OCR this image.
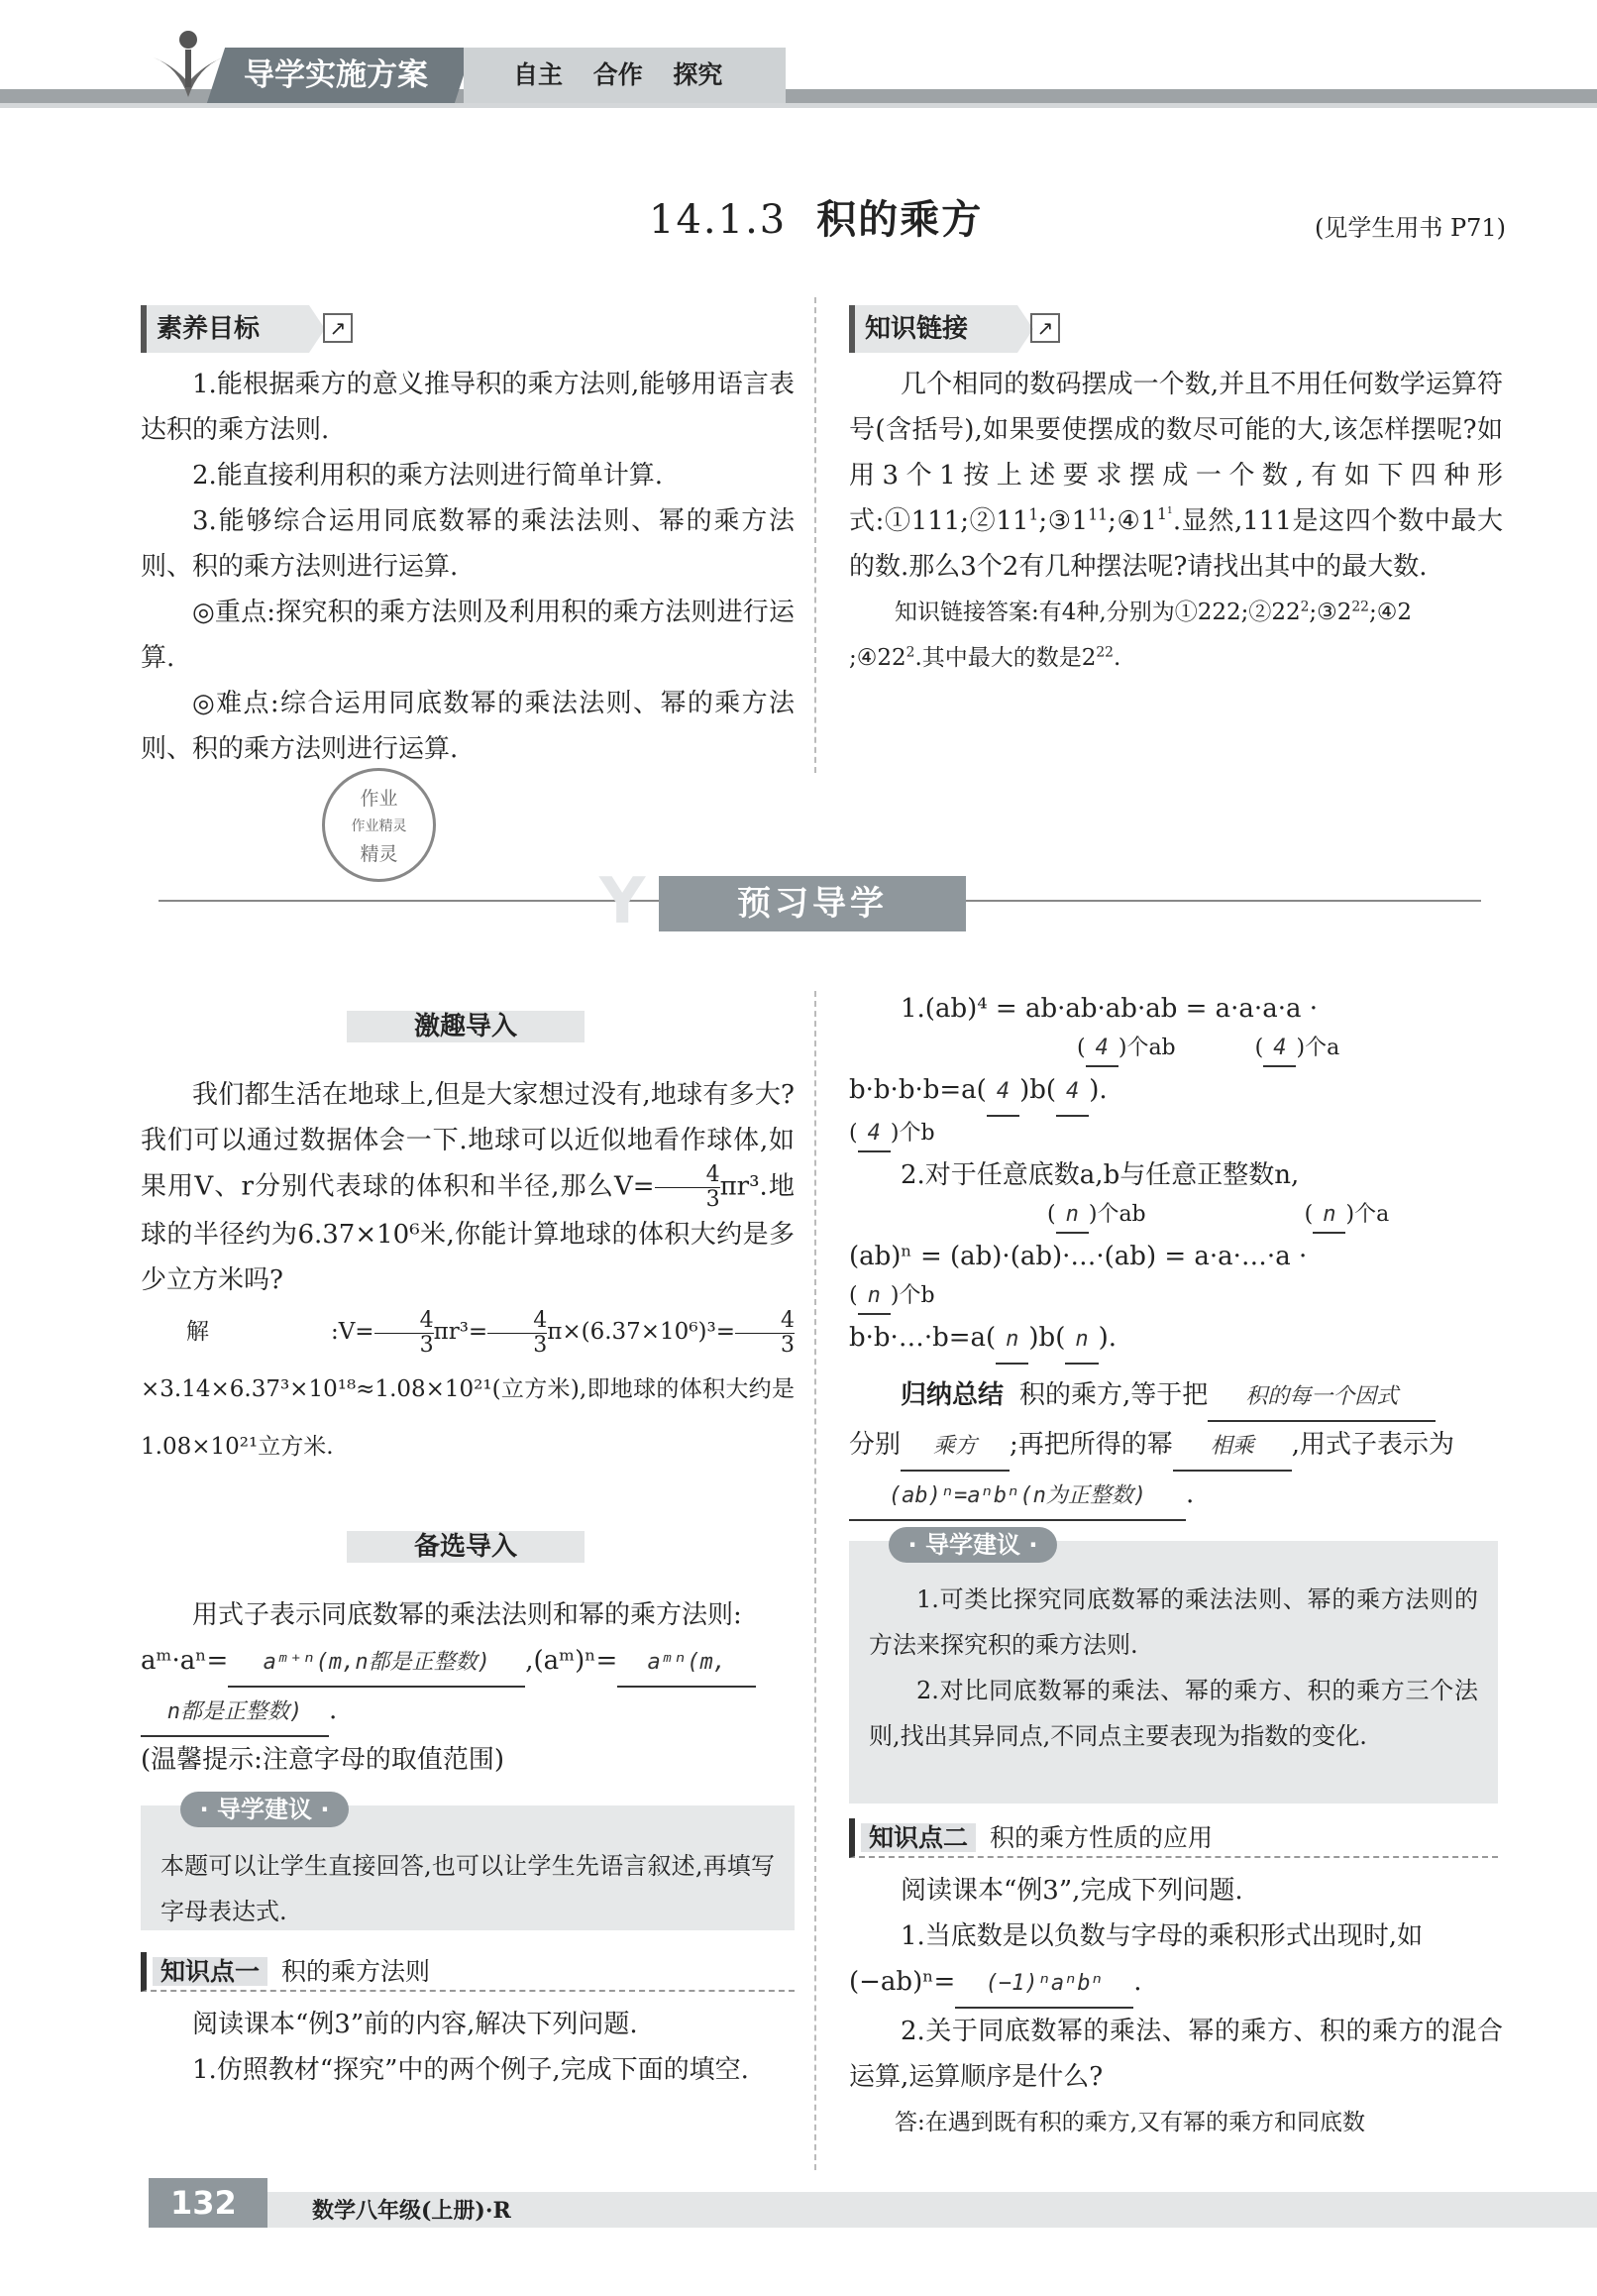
导学实施方案	自主 合作 探究
14.1.3 积的乘方	(见学生用书 P71)
素养目标	↗

1.能根据乘方的意义推导积的乘方法则,能够用语言表达积的乘方法则.

2.能直接利用积的乘方法则进行简单计算.

3.能够综合运用同底数幂的乘法法则、幂的乘方法则、积的乘方法则进行运算.

◎重点:探究积的乘方法则及利用积的乘方法则进行运算.

◎难点:综合运用同底数幂的乘法法则、幂的乘方法则、积的乘方法则进行运算.

知识链接	↗

几个相同的数码摆成一个数,并且不用任何数学运算符号(含括号),如果要使摆成的数尽可能的大,该怎样摆呢?如用3个1按上述要求摆成一个数,有如下四种形式$:①111;②11^1;③1^{11};④1^{1^1}$.显然,111是这四个数中最大的数.那么3个2有几种摆法呢?请找出其中的最大数.

知识链接答案:有4种,分别为$①222;②22^2;③2^{22};④2$

$;④22^2$.其中最大的数是$2^{22}$.

作业
作业精灵
精灵
Y	预习导学
激趣导入

我们都生活在地球上,但是大家想过没有,地球有多大?我们可以通过数据体会一下.地球可以近似地看作球体,如果用V、r分别代表球的体积和半径,那么$V= \frac{4}{3} \pi r^3$.地球的半径约为6.37×10⁶米,你能计算地球的体积大约是多少立方米吗?

解:V= $\frac{4}{3} \pi r^3= \frac{4}{3} \pi\times(6.37\times 10^6)^3= \frac{4}{3}$
×3.14×6.37³×10¹⁸≈1.08×10²¹(立方米),即地球的体积大约是1.08×10²¹立方米.

备选导入

用式子表示同底数幂的乘法法则和幂的乘方法则:

aᵐ·aⁿ= aᵐ⁺ⁿ(m,n都是正整数) ,(aᵐ)ⁿ= aᵐⁿ(m,
n都是正整数) .
(温馨提示:注意字母的取值范围)
· 导学建议 ·
本题可以让学生直接回答,也可以让学生先语言叙述,再填写字母表达式.
知识点一 积的乘方法则

阅读课本“例3”前的内容,解决下列问题.

1.仿照教材“探究”中的两个例子,完成下面的填空.

1.(ab)⁴ = ab·ab·ab·ab = a·a·a·a ·

( 4 )个ab	( 4 )个a
b·b·b·b=a( 4 )b( 4 ).
( 4 )个b

2.对于任意底数a,b与任意正整数n,

( n )个ab	( n )个a
(ab)ⁿ = (ab)·(ab)·…·(ab) = a·a·…·a ·
( n )个b
b·b·…·b=a( n )b( n ).
归纳总结 积的乘方,等于把 积的每一个因式
分别 乘方 ;再把所得的幂 相乘 ,用式子表示为
(ab)ⁿ=aⁿbⁿ(n为正整数) .
· 导学建议 ·

1.可类比探究同底数幂的乘法法则、幂的乘方法则的方法来探究积的乘方法则.

2.对比同底数幂的乘法、幂的乘方、积的乘方三个法则,找出其异同点,不同点主要表现为指数的变化.

知识点二 积的乘方性质的应用

阅读课本“例3”,完成下列问题.

1.当底数是以负数与字母的乘积形式出现时,如

(−ab)ⁿ= (−1)ⁿaⁿbⁿ .

2.关于同底数幂的乘法、幂的乘方、积的乘方的混合运算,运算顺序是什么?

答:在遇到既有积的乘方,又有幂的乘方和同底数

132	数学八年级(上册)·R
